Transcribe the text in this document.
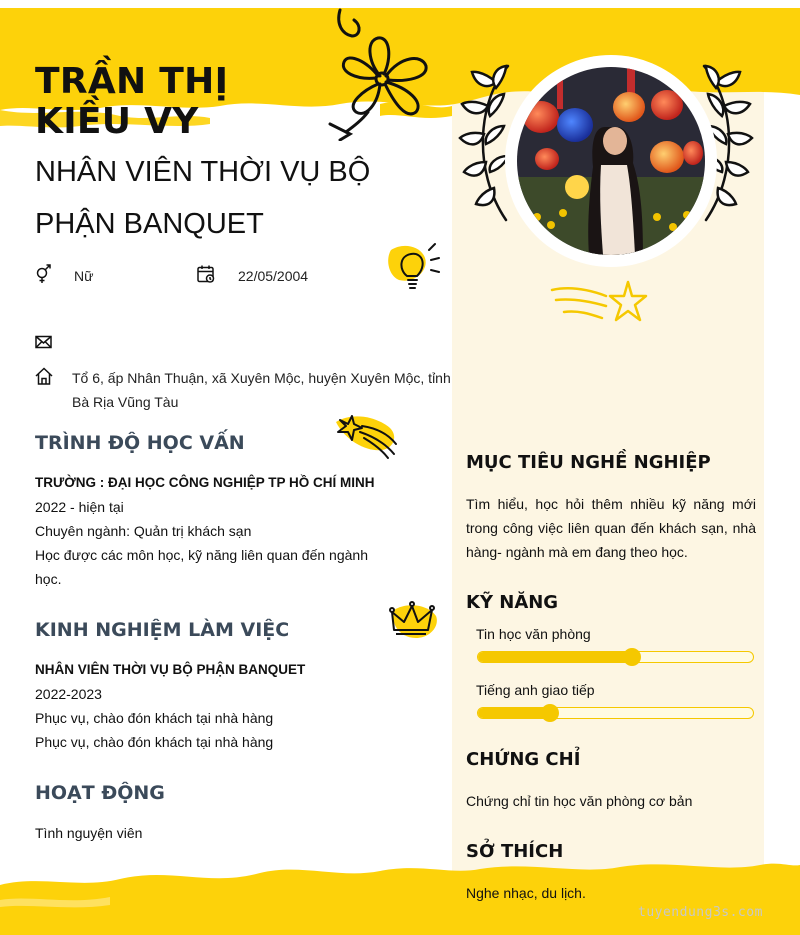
TRẦN THỊ KIỀU VY
NHÂN VIÊN THỜI VỤ BỘ PHẬN BANQUET
Nữ	22/05/2004
Tổ 6, ấp Nhân Thuận, xã Xuyên Mộc, huyện Xuyên Mộc, tỉnh Bà Rịa Vũng Tàu
TRÌNH ĐỘ HỌC VẤN
TRƯỜNG : ĐẠI HỌC CÔNG NGHIỆP TP HỒ CHÍ MINH
2022 - hiện tại
Chuyên ngành: Quản trị khách sạn
Học được các môn học, kỹ năng liên quan đến ngành học.
KINH NGHIỆM LÀM VIỆC
NHÂN VIÊN THỜI VỤ BỘ PHẬN BANQUET
2022-2023
Phục vụ, chào đón khách tại nhà hàng
Phục vụ, chào đón khách tại nhà hàng
HOẠT ĐỘNG
Tình nguyện viên
MỤC TIÊU NGHỀ NGHIỆP
Tìm hiểu, học hỏi thêm nhiều kỹ năng mới trong công việc liên quan đến khách sạn, nhà hàng- ngành mà em đang theo học.
KỸ NĂNG
Tin học văn phòng
Tiếng anh giao tiếp
CHỨNG CHỈ
Chứng chỉ tin học văn phòng cơ bản
SỞ THÍCH
Nghe nhạc, du lịch.
tuyendung3s.com
